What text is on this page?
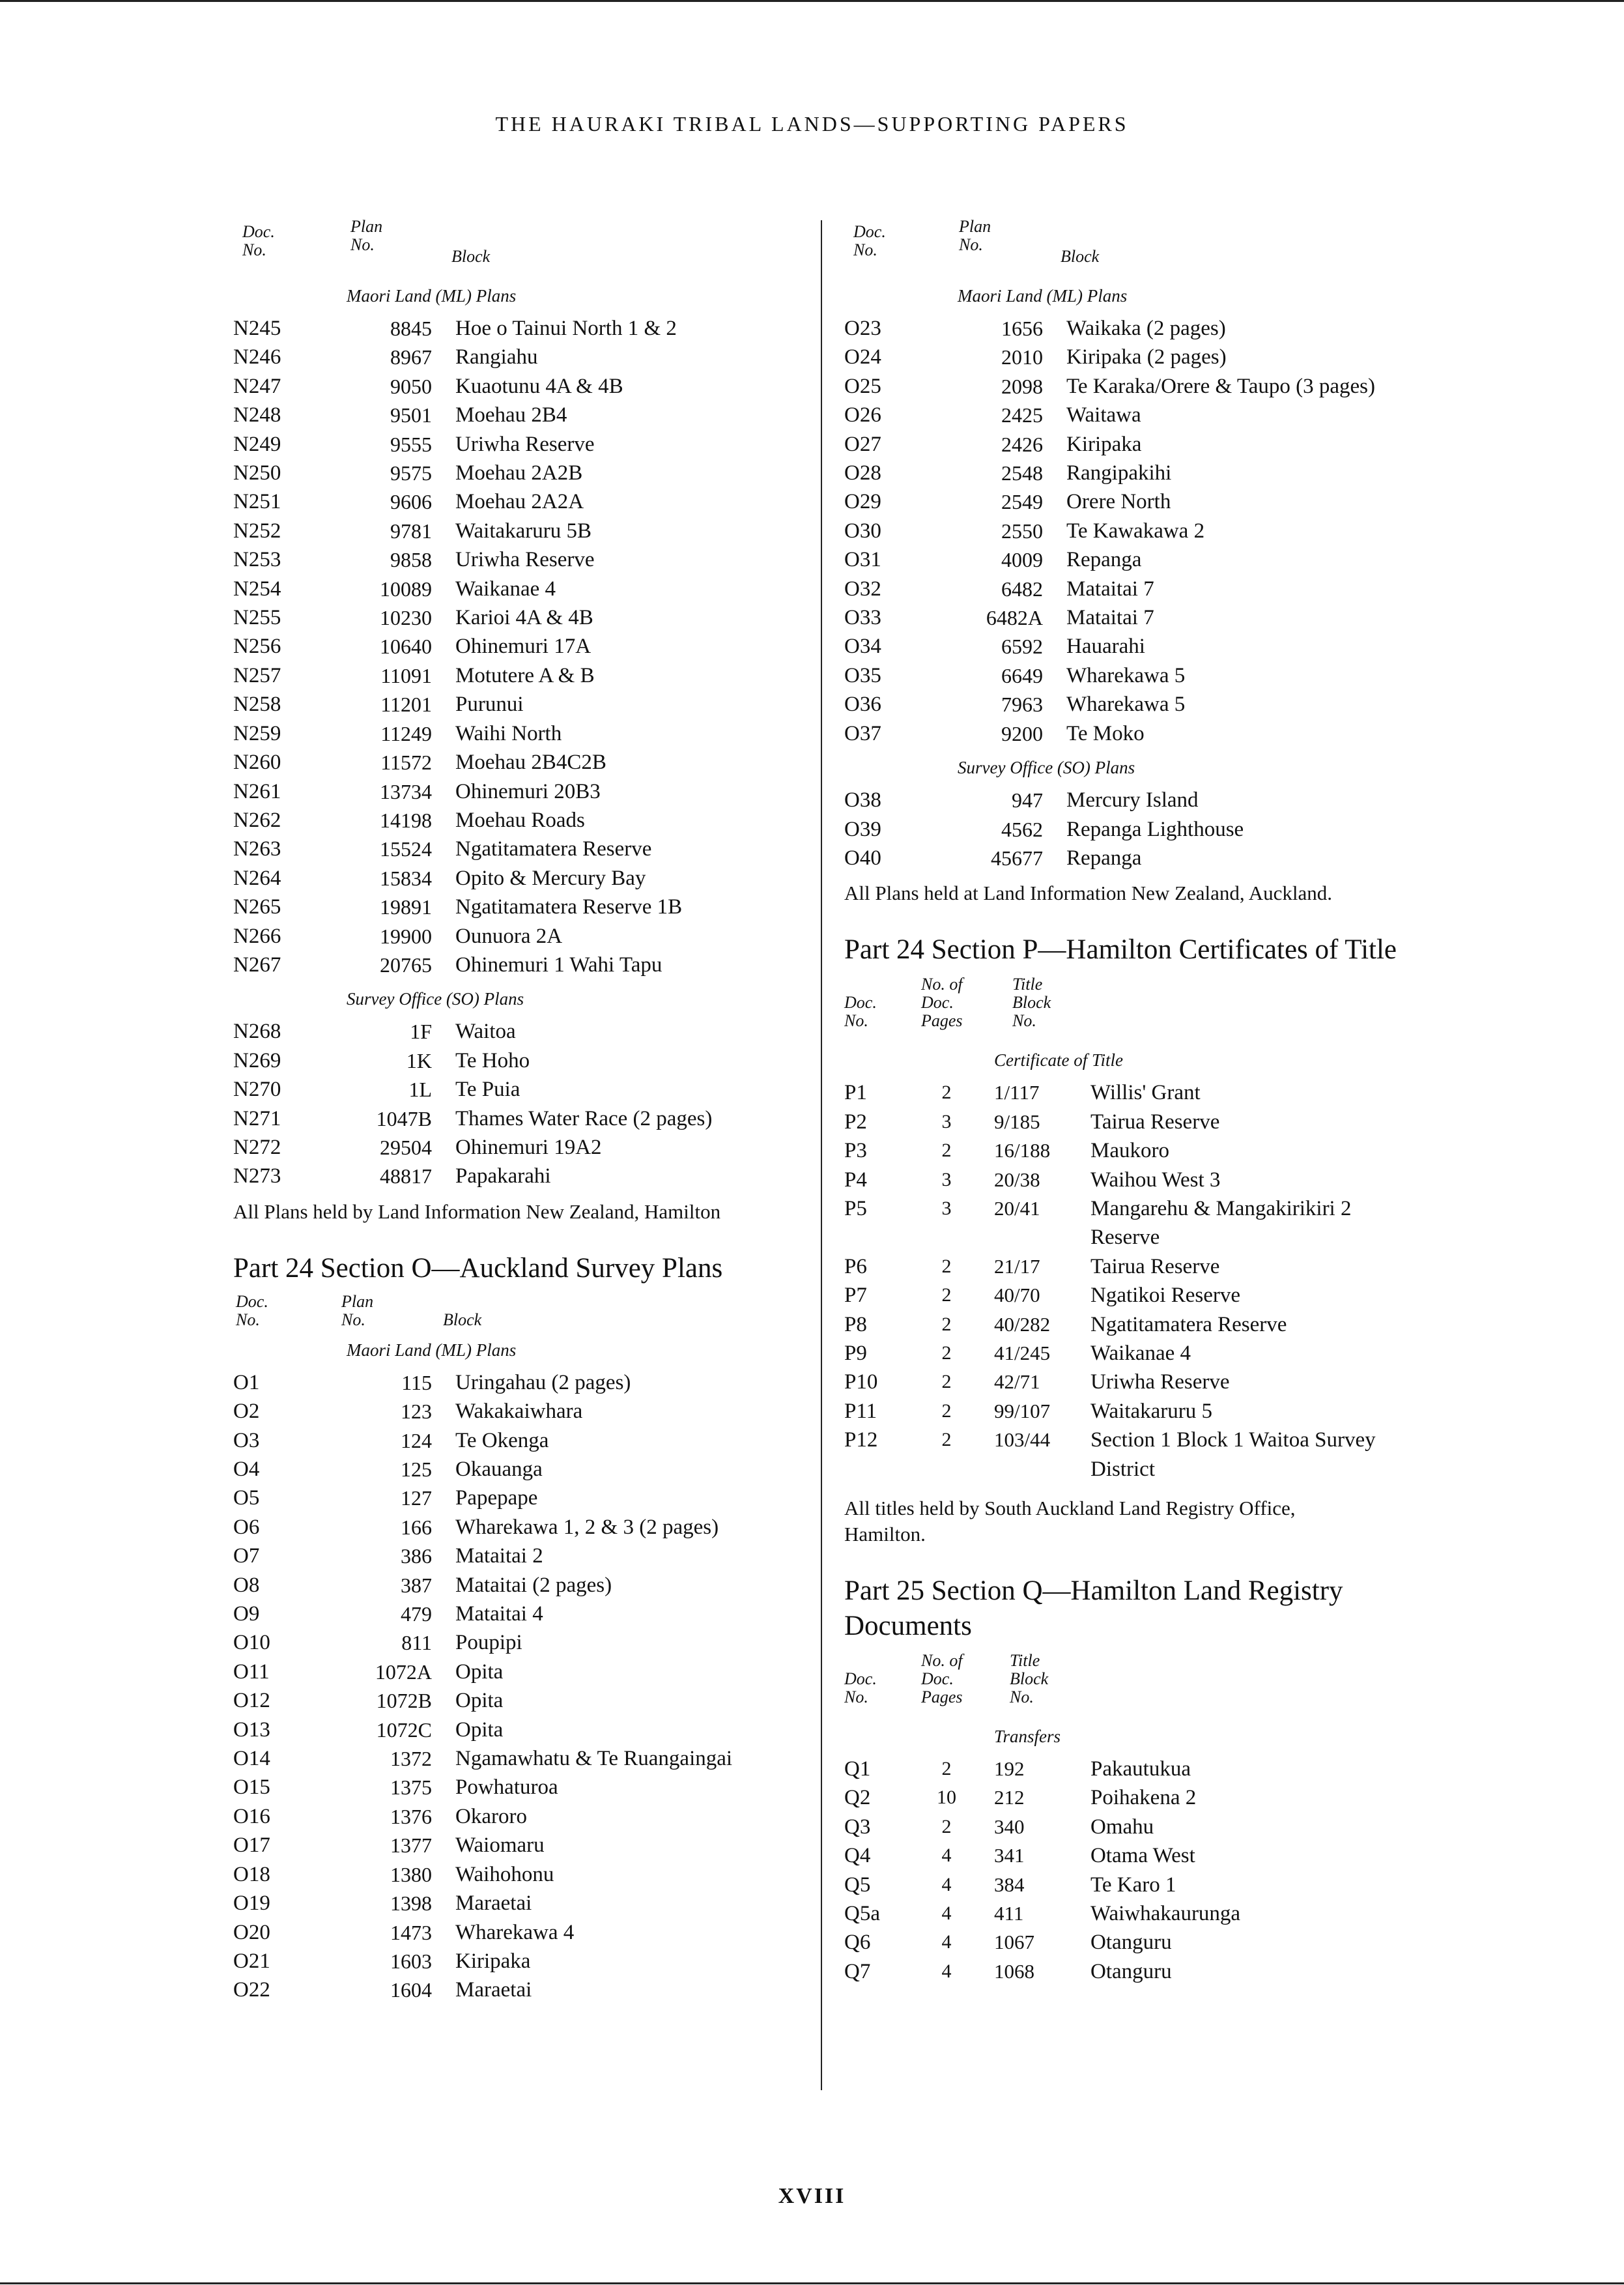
THE HAURAKI TRIBAL LANDS—SUPPORTING PAPERS
Doc.
No.
Plan
No.
Block
	Maori Land (ML) Plans	
N245	8845	Hoe o Tainui North 1 & 2
N246	8967	Rangiahu
N247	9050	Kuaotunu 4A & 4B
N248	9501	Moehau 2B4
N249	9555	Uriwha Reserve
N250	9575	Moehau 2A2B
N251	9606	Moehau 2A2A
N252	9781	Waitakaruru 5B
N253	9858	Uriwha Reserve
N254	10089	Waikanae 4
N255	10230	Karioi 4A & 4B
N256	10640	Ohinemuri 17A
N257	11091	Motutere A & B
N258	11201	Purunui
N259	11249	Waihi North
N260	11572	Moehau 2B4C2B
N261	13734	Ohinemuri 20B3
N262	14198	Moehau Roads
N263	15524	Ngatitamatera Reserve
N264	15834	Opito & Mercury Bay
N265	19891	Ngatitamatera Reserve 1B
N266	19900	Ounuora 2A
N267	20765	Ohinemuri 1 Wahi Tapu
	Survey Office (SO) Plans	
N268	1F	Waitoa
N269	1K	Te Hoho
N270	1L	Te Puia
N271	1047B	Thames Water Race (2 pages)
N272	29504	Ohinemuri 19A2
N273	48817	Papakarahi

All Plans held by Land Information New Zealand, Hamilton

Part 24 Section O—Auckland Survey Plans
Doc.
No.
Plan
No.	Block
	Maori Land (ML) Plans	
O1	115	Uringahau (2 pages)
O2	123	Wakakaiwhara
O3	124	Te Okenga
O4	125	Okauanga
O5	127	Papepape
O6	166	Wharekawa 1, 2 & 3 (2 pages)
O7	386	Mataitai 2
O8	387	Mataitai (2 pages)
O9	479	Mataitai 4
O10	811	Poupipi
O11	1072A	Opita
O12	1072B	Opita
O13	1072C	Opita
O14	1372	Ngamawhatu & Te Ruangaingai
O15	1375	Powhaturoa
O16	1376	Okaroro
O17	1377	Waiomaru
O18	1380	Waihohonu
O19	1398	Maraetai
O20	1473	Wharekawa 4
O21	1603	Kiripaka
O22	1604	Maraetai
Doc.
No.
Plan
No.
Block
	Maori Land (ML) Plans	
O23	1656	Waikaka (2 pages)
O24	2010	Kiripaka (2 pages)
O25	2098	Te Karaka/Orere & Taupo (3 pages)
O26	2425	Waitawa
O27	2426	Kiripaka
O28	2548	Rangipakihi
O29	2549	Orere North
O30	2550	Te Kawakawa 2
O31	4009	Repanga
O32	6482	Mataitai 7
O33	6482A	Mataitai 7
O34	6592	Hauarahi
O35	6649	Wharekawa 5
O36	7963	Wharekawa 5
O37	9200	Te Moko
	Survey Office (SO) Plans	
O38	947	Mercury Island
O39	4562	Repanga Lighthouse
O40	45677	Repanga

All Plans held at Land Information New Zealand, Auckland.

Part 24 Section P—Hamilton Certificates of Title
Doc.
No.
No. of
Doc.
Pages
Title
Block
No.
		Certificate of Title	
P1	2	1/117	Willis' Grant
P2	3	9/185	Tairua Reserve
P3	2	16/188	Maukoro
P4	3	20/38	Waihou West 3
P5	3	20/41	Mangarehu & Mangakirikiri 2 Reserve
P6	2	21/17	Tairua Reserve
P7	2	40/70	Ngatikoi Reserve
P8	2	40/282	Ngatitamatera Reserve
P9	2	41/245	Waikanae 4
P10	2	42/71	Uriwha Reserve
P11	2	99/107	Waitakaruru 5
P12	2	103/44	Section 1 Block 1 Waitoa Survey District

All titles held by South Auckland Land Registry Office, Hamilton.

Part 25 Section Q—Hamilton Land Registry Documents
Doc.
No.
No. of
Doc.
Pages
Title
Block
No.
		Transfers	
Q1	2	192	Pakautukua
Q2	10	212	Poihakena 2
Q3	2	340	Omahu
Q4	4	341	Otama West
Q5	4	384	Te Karo 1
Q5a	4	411	Waiwhakaurunga
Q6	4	1067	Otanguru
Q7	4	1068	Otanguru
XVIII
